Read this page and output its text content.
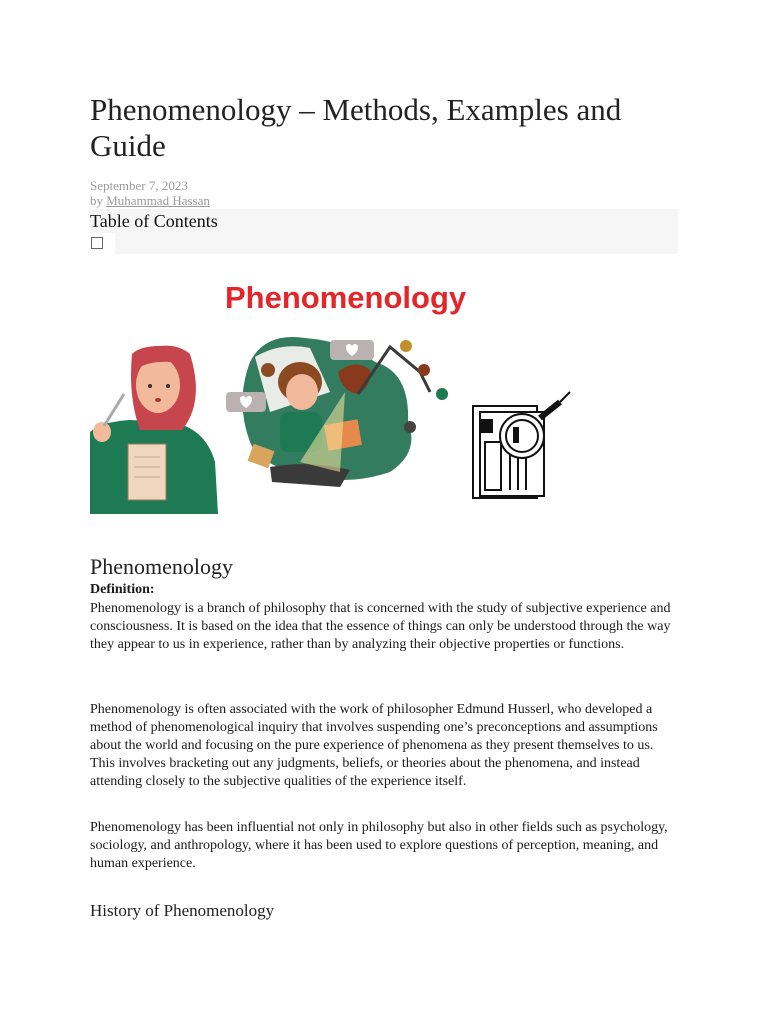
Phenomenology – Methods, Examples and Guide
September 7, 2023
by Muhammad Hassan
Table of Contents
Phenomenology
Phenomenology
Definition:

Phenomenology is a branch of philosophy that is concerned with the study of subjective experience and consciousness. It is based on the idea that the essence of things can only be understood through the way they appear to us in experience, rather than by analyzing their objective properties or functions.

Phenomenology is often associated with the work of philosopher Edmund Husserl, who developed a method of phenomenological inquiry that involves suspending one’s preconceptions and assumptions about the world and focusing on the pure experience of phenomena as they present themselves to us. This involves bracketing out any judgments, beliefs, or theories about the phenomena, and instead attending closely to the subjective qualities of the experience itself.

Phenomenology has been influential not only in philosophy but also in other fields such as psychology, sociology, and anthropology, where it has been used to explore questions of perception, meaning, and human experience.

History of Phenomenology
